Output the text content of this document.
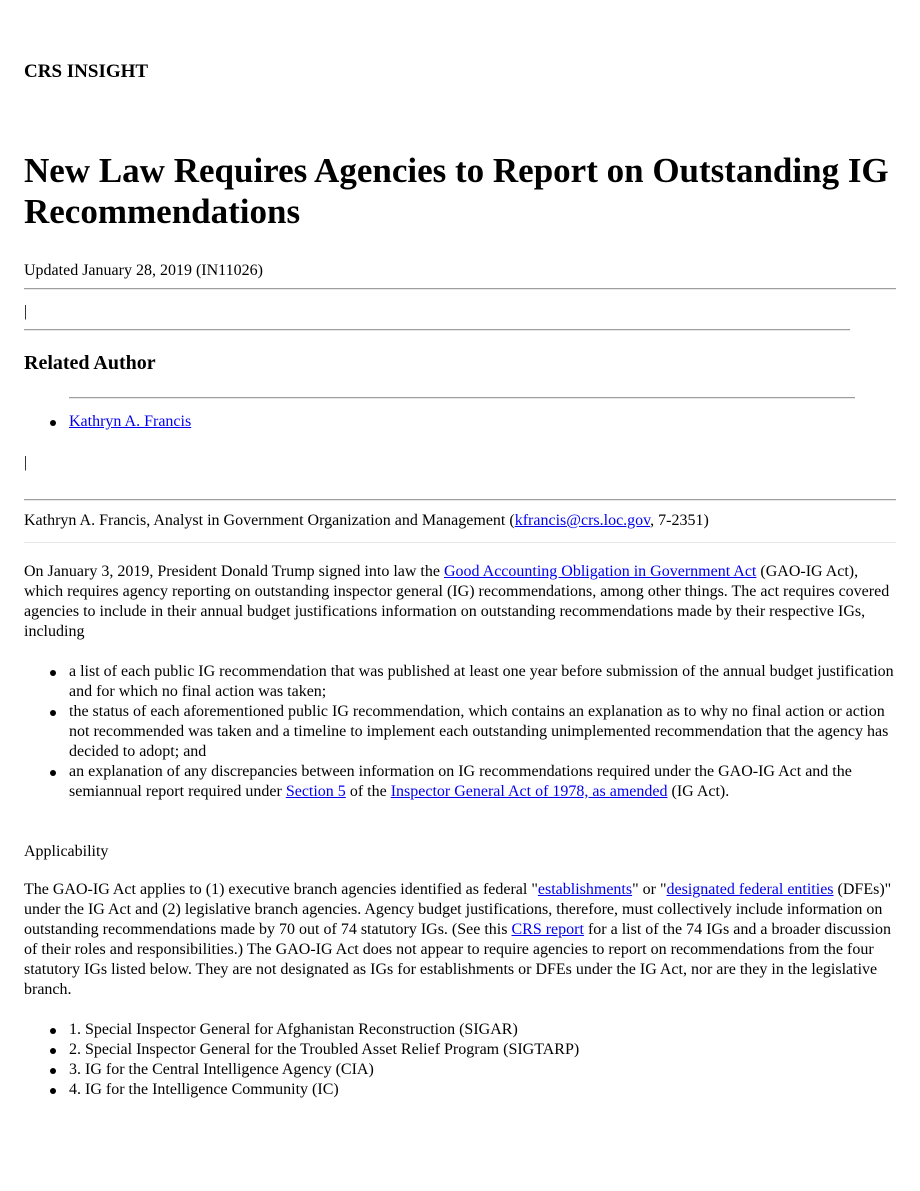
CRS INSIGHT
New Law Requires Agencies to Report on Outstanding IG Recommendations
Updated January 28, 2019 (IN11026)
|
Related Author
Kathryn A. Francis
|
Kathryn A. Francis, Analyst in Government Organization and Management (kfrancis@crs.loc.gov, 7-2351)
On January 3, 2019, President Donald Trump signed into law the Good Accounting Obligation in Government Act (GAO-IG Act), which requires agency reporting on outstanding inspector general (IG) recommendations, among other things. The act requires covered agencies to include in their annual budget justifications information on outstanding recommendations made by their respective IGs, including
a list of each public IG recommendation that was published at least one year before submission of the annual budget justification and for which no final action was taken;
the status of each aforementioned public IG recommendation, which contains an explanation as to why no final action or action not recommended was taken and a timeline to implement each outstanding unimplemented recommendation that the agency has decided to adopt; and
an explanation of any discrepancies between information on IG recommendations required under the GAO-IG Act and the semiannual report required under Section 5 of the Inspector General Act of 1978, as amended (IG Act).
Applicability
The GAO-IG Act applies to (1) executive branch agencies identified as federal "establishments" or "designated federal entities (DFEs)" under the IG Act and (2) legislative branch agencies. Agency budget justifications, therefore, must collectively include information on outstanding recommendations made by 70 out of 74 statutory IGs. (See this CRS report for a list of the 74 IGs and a broader discussion of their roles and responsibilities.) The GAO-IG Act does not appear to require agencies to report on recommendations from the four statutory IGs listed below. They are not designated as IGs for establishments or DFEs under the IG Act, nor are they in the legislative branch.
1. Special Inspector General for Afghanistan Reconstruction (SIGAR)
2. Special Inspector General for the Troubled Asset Relief Program (SIGTARP)
3. IG for the Central Intelligence Agency (CIA)
4. IG for the Intelligence Community (IC)
